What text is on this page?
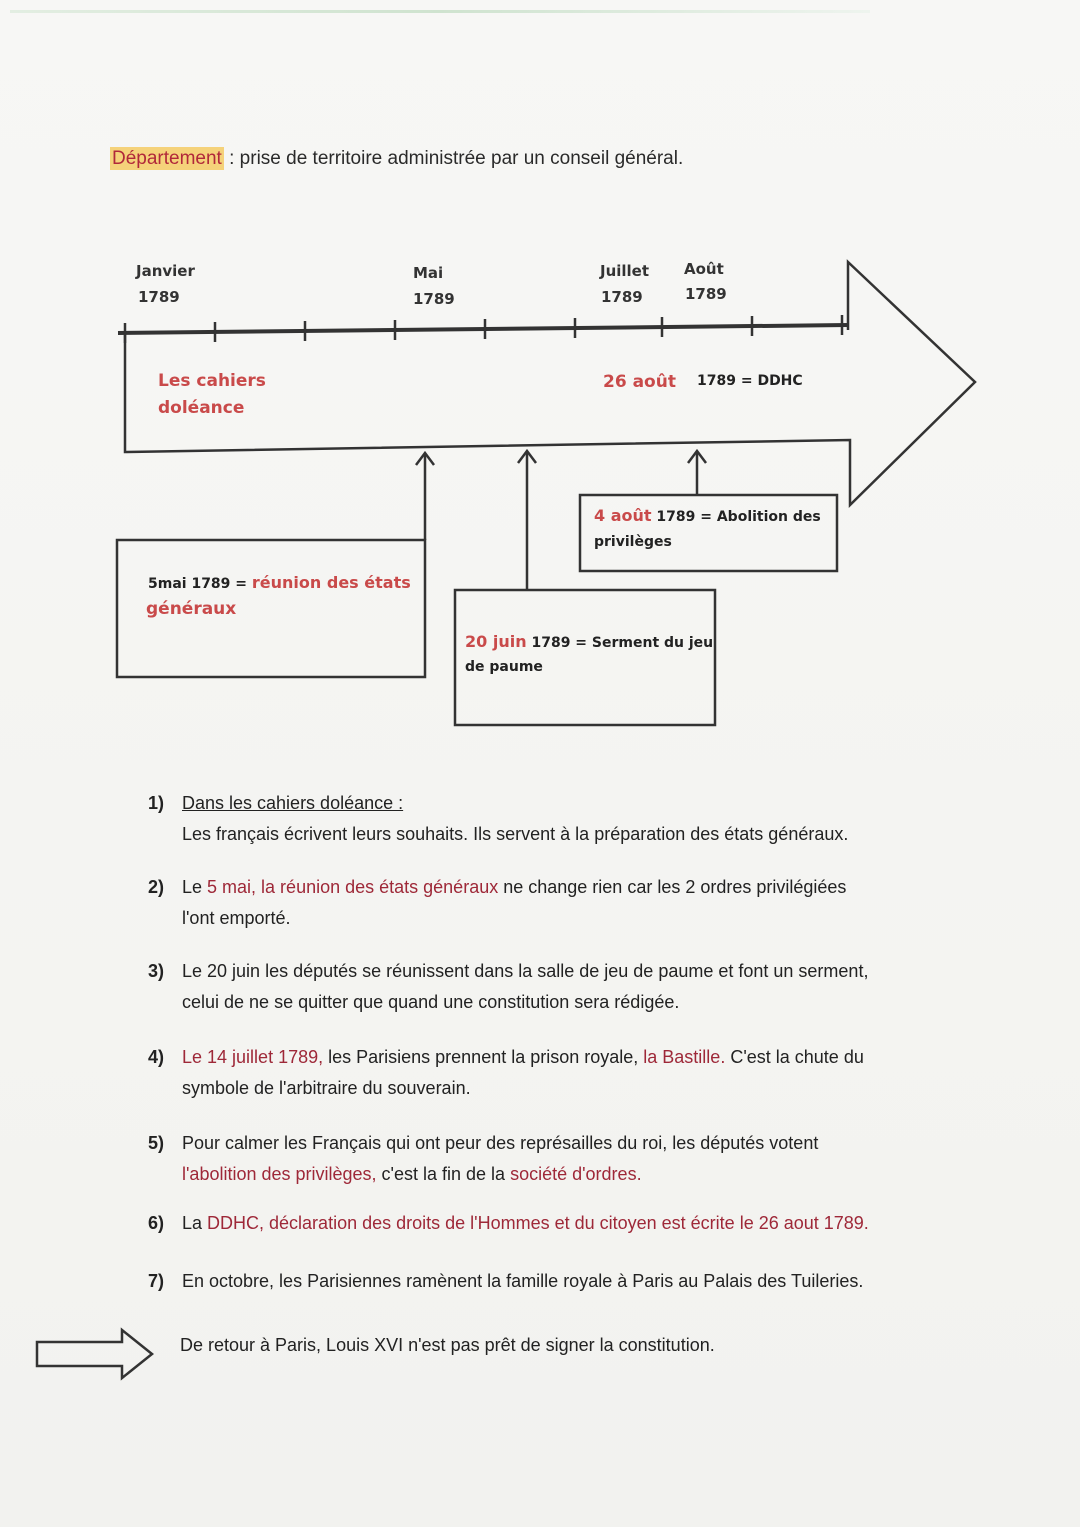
Département : prise de territoire administrée par un conseil général.
Janvier
1789
Mai
1789
Juillet
1789
Août
1789
Les cahiers
doléance
26 août 1789 = DDHC
5mai 1789 = réunion des états
généraux
20 juin 1789 = Serment du jeu
de paume
4 août 1789 = Abolition des
privilèges
1) Dans les cahiers doléance :
Les français écrivent leurs souhaits. Ils servent à la préparation des états généraux.
2) Le 5 mai, la réunion des états généraux ne change rien car les 2 ordres privilégiées
l'ont emporté.
3) Le 20 juin les députés se réunissent dans la salle de jeu de paume et font un serment,
celui de ne se quitter que quand une constitution sera rédigée.
4) Le 14 juillet 1789, les Parisiens prennent la prison royale, la Bastille. C'est la chute du
symbole de l'arbitraire du souverain.
5) Pour calmer les Français qui ont peur des représailles du roi, les députés votent
l'abolition des privilèges, c'est la fin de la société d'ordres.
6) La DDHC, déclaration des droits de l'Hommes et du citoyen est écrite le 26 aout 1789.
7) En octobre, les Parisiennes ramènent la famille royale à Paris au Palais des Tuileries.
De retour à Paris, Louis XVI n'est pas prêt de signer la constitution.
